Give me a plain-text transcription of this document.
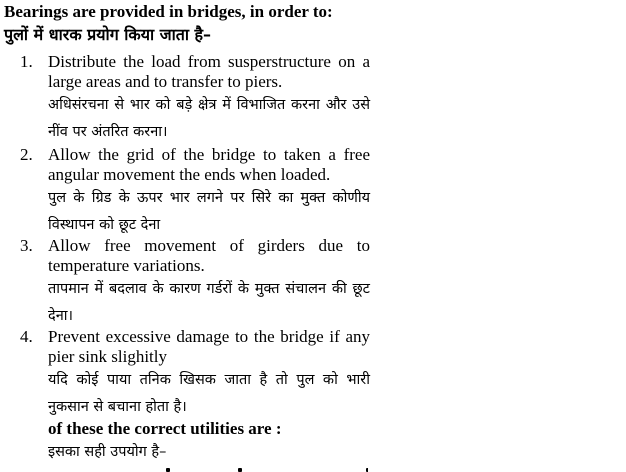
Bearings are provided in bridges, in order to:
पुलों में धारक प्रयोग किया जाता है–
1. Distribute the load from susperstructure on a large areas and to transfer to piers.
अधिसंरचना से भार को बड़े क्षेत्र में विभाजित करना और उसे नींव पर अंतरित करना।
2. Allow the grid of the bridge to taken a free angular movement the ends when loaded.
पुल के ग्रिड के ऊपर भार लगने पर सिरे का मुक्त कोणीय विस्थापन को छूट देना
3. Allow free movement of girders due to temperature variations.
तापमान में बदलाव के कारण गर्डरों के मुक्त संचालन की छूट देना।
4. Prevent excessive damage to the bridge if any pier sink slighitly
यदि कोई पाया तनिक खिसक जाता है तो पुल को भारी नुकसान से बचाना होता है।
of these the correct utilities are :
इसका सही उपयोग है–
